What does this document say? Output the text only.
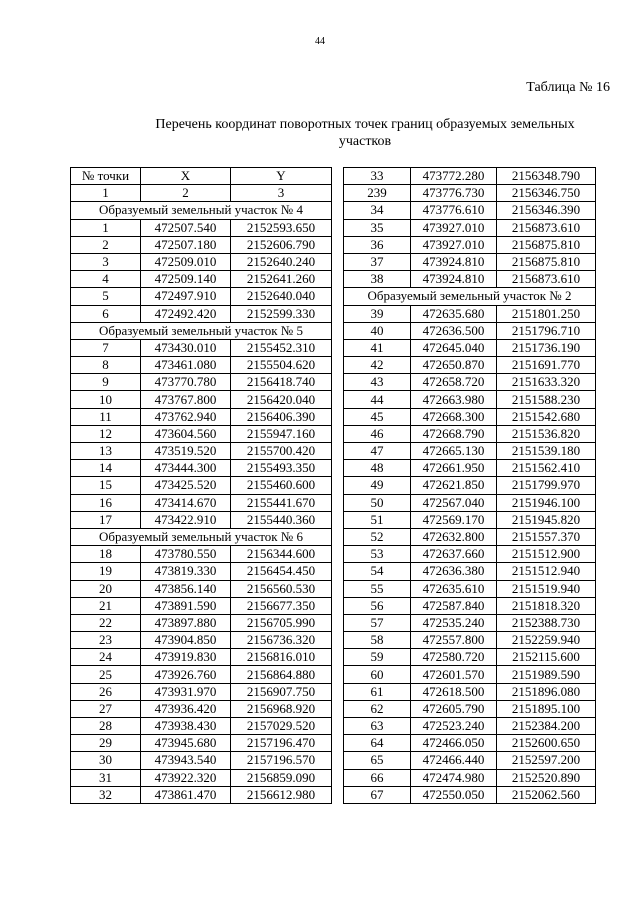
44
Таблица № 16
Перечень координат поворотных точек границ образуемых земельных участков
№ точки	X	Y
1	2	3
Образуемый земельный участок № 4		
1	472507.540	2152593.650
2	472507.180	2152606.790
3	472509.010	2152640.240
4	472509.140	2152641.260
5	472497.910	2152640.040
6	472492.420	2152599.330
Образуемый земельный участок № 5		
7	473430.010	2155452.310
8	473461.080	2155504.620
9	473770.780	2156418.740
10	473767.800	2156420.040
11	473762.940	2156406.390
12	473604.560	2155947.160
13	473519.520	2155700.420
14	473444.300	2155493.350
15	473425.520	2155460.600
16	473414.670	2155441.670
17	473422.910	2155440.360
Образуемый земельный участок № 6		
18	473780.550	2156344.600
19	473819.330	2156454.450
20	473856.140	2156560.530
21	473891.590	2156677.350
22	473897.880	2156705.990
23	473904.850	2156736.320
24	473919.830	2156816.010
25	473926.760	2156864.880
26	473931.970	2156907.750
27	473936.420	2156968.920
28	473938.430	2157029.520
29	473945.680	2157196.470
30	473943.540	2157196.570
31	473922.320	2156859.090
32	473861.470	2156612.980
33	473772.280	2156348.790
239	473776.730	2156346.750
34	473776.610	2156346.390
35	473927.010	2156873.610
36	473927.010	2156875.810
37	473924.810	2156875.810
38	473924.810	2156873.610
Образуемый земельный участок № 2		
39	472635.680	2151801.250
40	472636.500	2151796.710
41	472645.040	2151736.190
42	472650.870	2151691.770
43	472658.720	2151633.320
44	472663.980	2151588.230
45	472668.300	2151542.680
46	472668.790	2151536.820
47	472665.130	2151539.180
48	472661.950	2151562.410
49	472621.850	2151799.970
50	472567.040	2151946.100
51	472569.170	2151945.820
52	472632.800	2151557.370
53	472637.660	2151512.900
54	472636.380	2151512.940
55	472635.610	2151519.940
56	472587.840	2151818.320
57	472535.240	2152388.730
58	472557.800	2152259.940
59	472580.720	2152115.600
60	472601.570	2151989.590
61	472618.500	2151896.080
62	472605.790	2151895.100
63	472523.240	2152384.200
64	472466.050	2152600.650
65	472466.440	2152597.200
66	472474.980	2152520.890
67	472550.050	2152062.560
